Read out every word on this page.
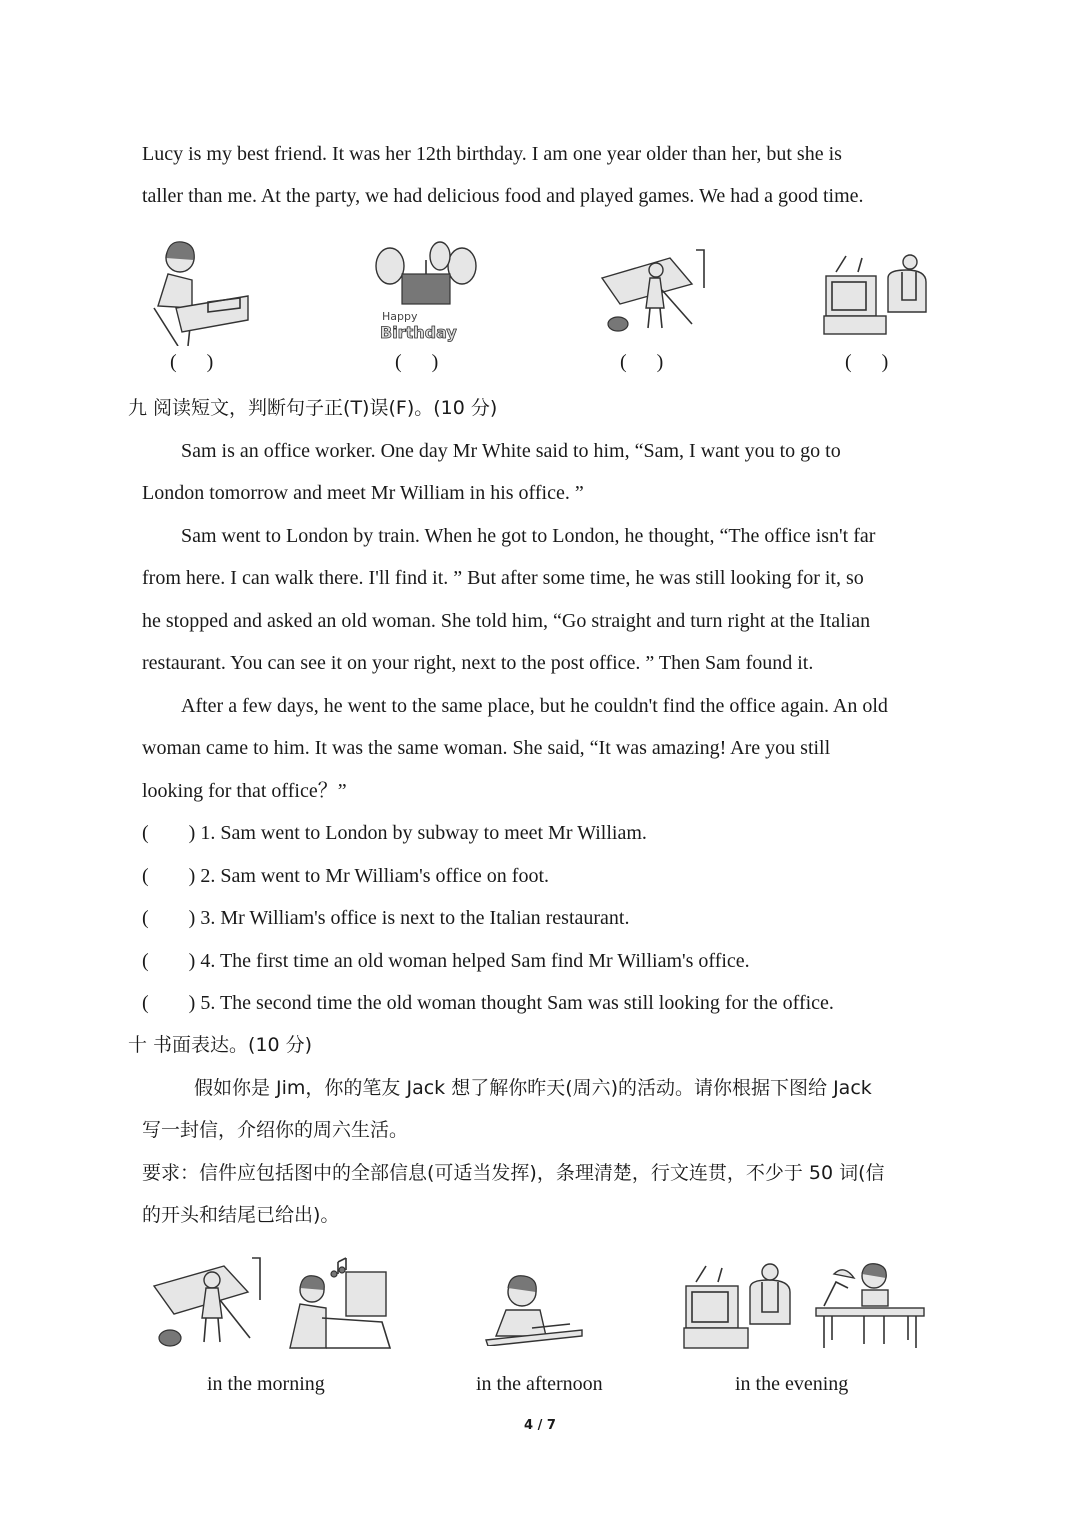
Lucy is my best friend. It was her 12th birthday. I am one year older than her, but she is
taller than me. At the party, we had delicious food and played games. We had a good time.
Happy
Birthday
(      )	(      )	(      )	(      )
九 阅读短文，判断句子正(T)误(F)。(10 分)
Sam is an office worker. One day Mr White said to him, “Sam, I want you to go to
London tomorrow and meet Mr William in his office. ”
Sam went to London by train. When he got to London, he thought, “The office isn't far
from here. I can walk there. I'll find it. ” But after some time, he was still looking for it, so
he stopped and asked an old woman. She told him, “Go straight and turn right at the Italian
restaurant. You can see it on your right, next to the post office. ” Then Sam found it.
After a few days, he went to the same place, but he couldn't find the office again. An old
woman came to him. It was the same woman. She said, “It was amazing! Are you still
looking for that office？”
(        ) 1. Sam went to London by subway to meet Mr William.
(        ) 2. Sam went to Mr William's office on foot.
(        ) 3. Mr William's office is next to the Italian restaurant.
(        ) 4. The first time an old woman helped Sam find Mr William's office.
(        ) 5. The second time the old woman thought Sam was still looking for the office.
十 书面表达。(10 分)
假如你是 Jim，你的笔友 Jack 想了解你昨天(周六)的活动。请你根据下图给 Jack
写一封信，介绍你的周六生活。
要求：信件应包括图中的全部信息(可适当发挥)，条理清楚，行文连贯，不少于 50 词(信
的开头和结尾已给出)。
in the morning	in the afternoon	in the evening
4 / 7
